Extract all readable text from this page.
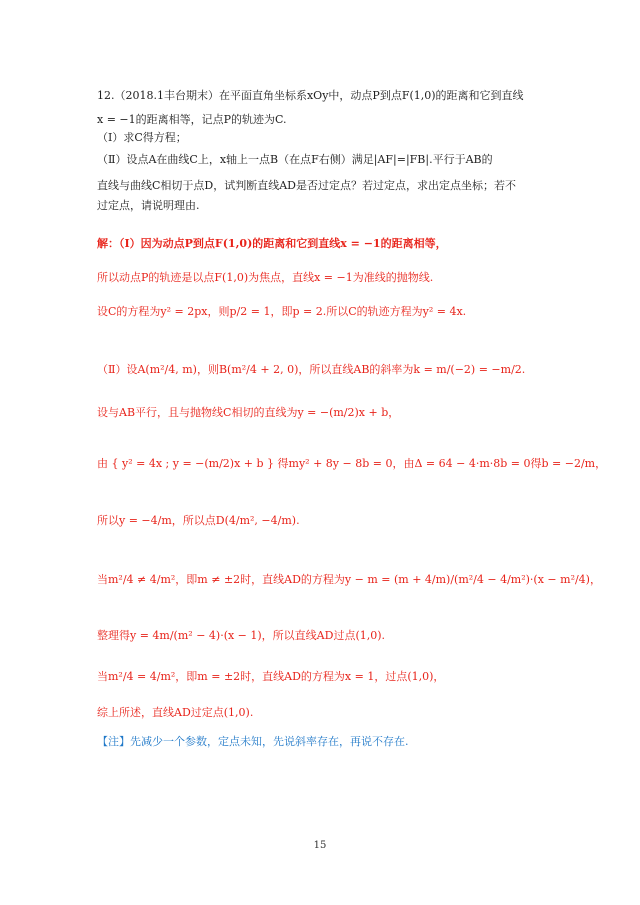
12.（2018.1丰台期末）在平面直角坐标系xOy中，动点P到点F(1,0)的距离和它到直线
x = −1的距离相等，记点P的轨迹为C.
（Ⅰ）求C得方程；
（Ⅱ）设点A在曲线C上，x轴上一点B（在点F右侧）满足|AF|=|FB|.平行于AB的
直线与曲线C相切于点D，试判断直线AD是否过定点？若过定点，求出定点坐标；若不
过定点，请说明理由.
解：（Ⅰ）因为动点P到点F(1,0)的距离和它到直线x = −1的距离相等，
所以动点P的轨迹是以点F(1,0)为焦点，直线x = −1为准线的抛物线.
设C的方程为y² = 2px，则p/2 = 1，即p = 2.所以C的轨迹方程为y² = 4x.
（Ⅱ）设A(m²/4, m)，则B(m²/4 + 2, 0)，所以直线AB的斜率为k = m/(−2) = −m/2.
设与AB平行，且与抛物线C相切的直线为y = −(m/2)x + b，
由 { y² = 4x ; y = −(m/2)x + b } 得my² + 8y − 8b = 0，由Δ = 64 − 4·m·8b = 0得b = −2/m，
所以y = −4/m，所以点D(4/m², −4/m).
当m²/4 ≠ 4/m²，即m ≠ ±2时，直线AD的方程为y − m = (m + 4/m)/(m²/4 − 4/m²)·(x − m²/4)，
整理得y = 4m/(m² − 4)·(x − 1)，所以直线AD过点(1,0).
当m²/4 = 4/m²，即m = ±2时，直线AD的方程为x = 1，过点(1,0)，
综上所述，直线AD过定点(1,0).
【注】先减少一个参数，定点未知，先说斜率存在，再说不存在.
15
